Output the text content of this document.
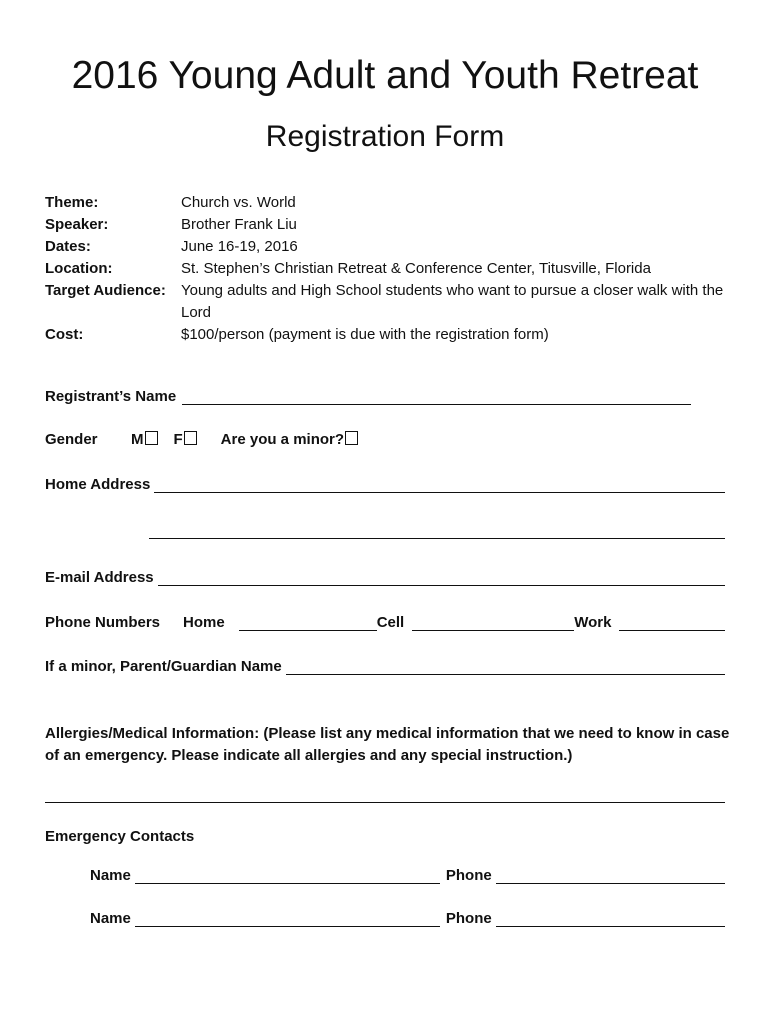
2016 Young Adult and Youth Retreat
Registration Form
Theme:	Church vs. World
Speaker:	Brother Frank Liu
Dates:	June 16-19, 2016
Location:	St. Stephen’s Christian Retreat & Conference Center, Titusville, Florida
Target Audience:	Young adults and High School students who want to pursue a closer walk with the Lord
Cost:	$100/person (payment is due with the registration form)
Registrant’s Name
Gender	M	F	Are you a minor?
Home Address
E-mail Address
Phone Numbers	Home	Cell	Work
If a minor, Parent/Guardian Name
Allergies/Medical Information: (Please list any medical information that we need to know in case of an emergency. Please indicate all allergies and any special instruction.)
Emergency Contacts
Name	Phone
Name	Phone
